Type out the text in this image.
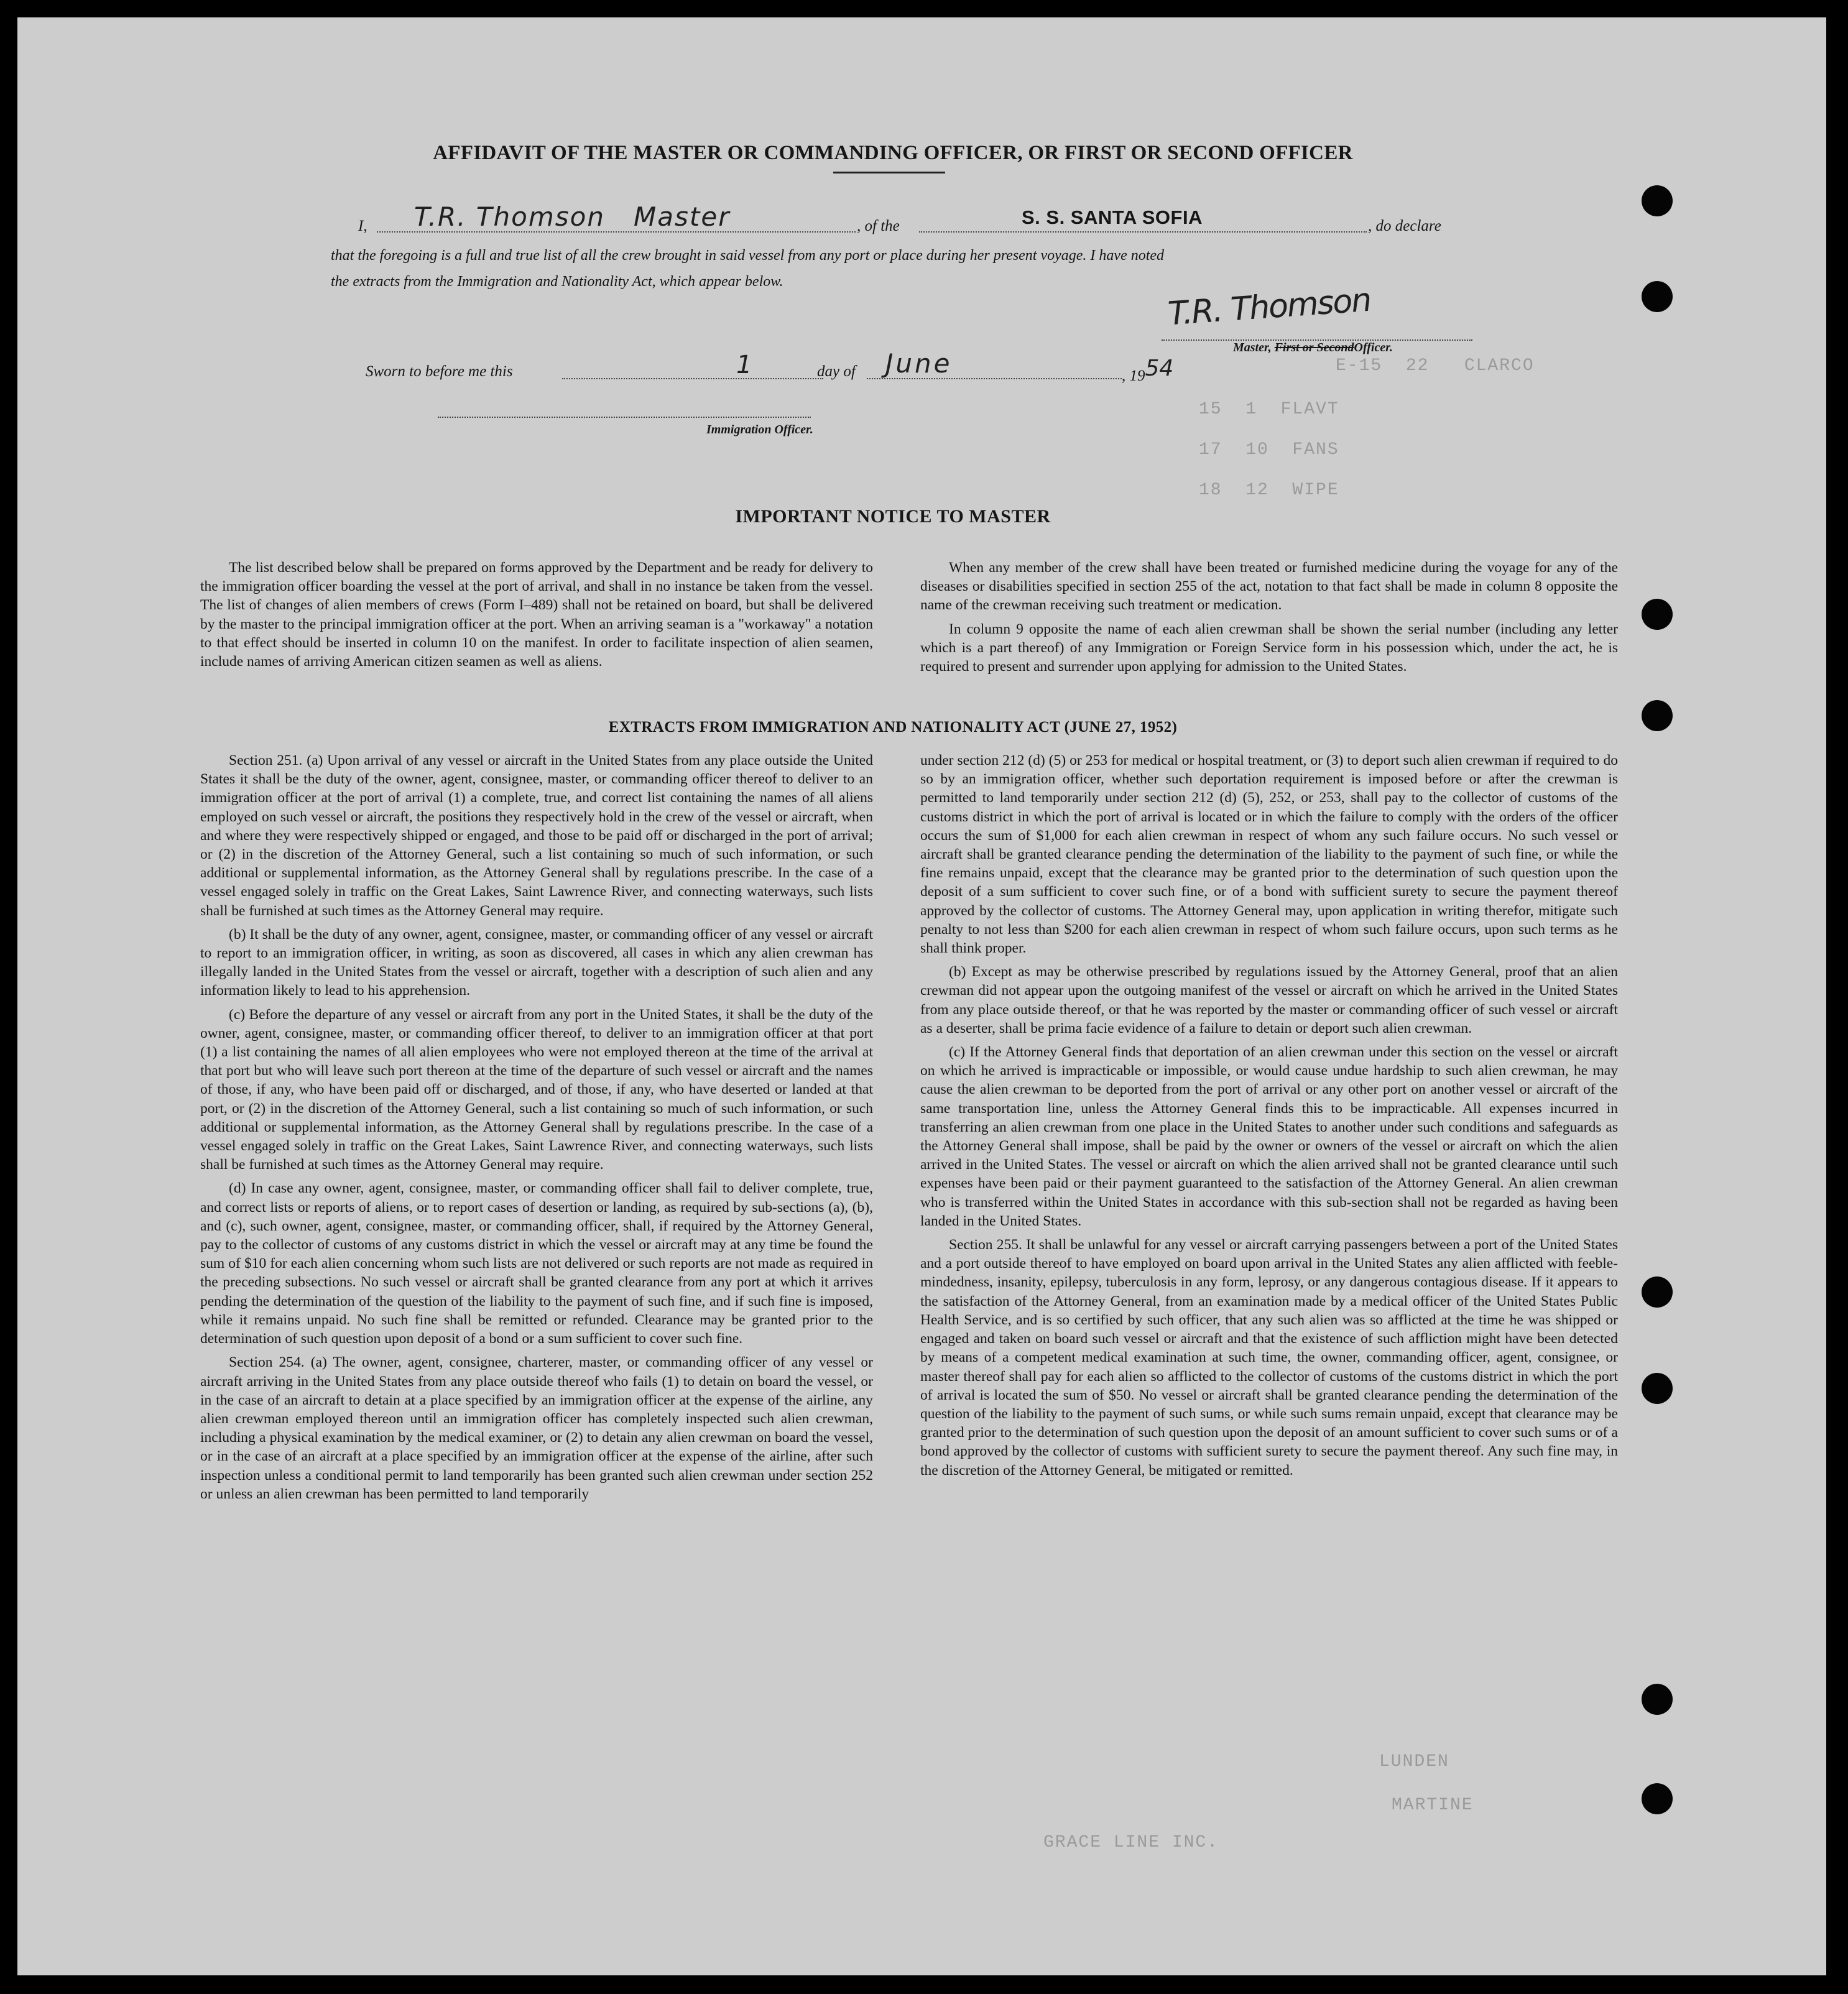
E-15  22   CLARCO
15  1  FLAVT
17  10  FANS
18  12  WIPE
LUNDEN
MARTINE
GRACE LINE INC.
AFFIDAVIT OF THE MASTER OR COMMANDING OFFICER, OR FIRST OR SECOND OFFICER
I, T.R. Thomson   Master	, of the	S. S. SANTA SOFIA	, do declare
that the foregoing is a full and true list of all the crew brought in said vessel from any port or place during her present voyage. I have noted
the extracts from the Immigration and Nationality Act, which appear below.	T.R. Thomson
Master, First or SecondOfficer.
Sworn to before me this	1	day of June	, 1954
Immigration Officer.
IMPORTANT NOTICE TO MASTER

The list described below shall be prepared on forms approved by the Department and be ready for delivery to the immigration officer boarding the vessel at the port of arrival, and shall in no instance be taken from the vessel. The list of changes of alien members of crews (Form I–489) shall not be retained on board, but shall be delivered by the master to the principal immigration officer at the port. When an arriving seaman is a "workaway" a notation to that effect should be inserted in column 10 on the manifest. In order to facilitate inspection of alien seamen, include names of arriving American citizen seamen as well as aliens.

When any member of the crew shall have been treated or furnished medicine during the voyage for any of the diseases or disabilities specified in section 255 of the act, notation to that fact shall be made in column 8 opposite the name of the crewman receiving such treatment or medication.

In column 9 opposite the name of each alien crewman shall be shown the serial number (including any letter which is a part thereof) of any Immigration or Foreign Service form in his possession which, under the act, he is required to present and surrender upon applying for admission to the United States.

EXTRACTS FROM IMMIGRATION AND NATIONALITY ACT (JUNE 27, 1952)

Section 251. (a) Upon arrival of any vessel or aircraft in the United States from any place outside the United States it shall be the duty of the owner, agent, consignee, master, or commanding officer thereof to deliver to an immigration officer at the port of arrival (1) a complete, true, and correct list containing the names of all aliens employed on such vessel or aircraft, the positions they respectively hold in the crew of the vessel or aircraft, when and where they were respectively shipped or engaged, and those to be paid off or discharged in the port of arrival; or (2) in the discretion of the Attorney General, such a list containing so much of such information, or such additional or supplemental information, as the Attorney General shall by regulations prescribe. In the case of a vessel engaged solely in traffic on the Great Lakes, Saint Lawrence River, and connecting waterways, such lists shall be furnished at such times as the Attorney General may require.

(b) It shall be the duty of any owner, agent, consignee, master, or commanding officer of any vessel or aircraft to report to an immigration officer, in writing, as soon as discovered, all cases in which any alien crewman has illegally landed in the United States from the vessel or aircraft, together with a description of such alien and any information likely to lead to his apprehension.

(c) Before the departure of any vessel or aircraft from any port in the United States, it shall be the duty of the owner, agent, consignee, master, or commanding officer thereof, to deliver to an immigration officer at that port (1) a list containing the names of all alien employees who were not employed thereon at the time of the arrival at that port but who will leave such port thereon at the time of the departure of such vessel or aircraft and the names of those, if any, who have been paid off or discharged, and of those, if any, who have deserted or landed at that port, or (2) in the discretion of the Attorney General, such a list containing so much of such information, or such additional or supplemental information, as the Attorney General shall by regulations prescribe. In the case of a vessel engaged solely in traffic on the Great Lakes, Saint Lawrence River, and connecting waterways, such lists shall be furnished at such times as the Attorney General may require.

(d) In case any owner, agent, consignee, master, or commanding officer shall fail to deliver complete, true, and correct lists or reports of aliens, or to report cases of desertion or landing, as required by sub-sections (a), (b), and (c), such owner, agent, consignee, master, or commanding officer, shall, if required by the Attorney General, pay to the collector of customs of any customs district in which the vessel or aircraft may at any time be found the sum of $10 for each alien concerning whom such lists are not delivered or such reports are not made as required in the preceding subsections. No such vessel or aircraft shall be granted clearance from any port at which it arrives pending the determination of the question of the liability to the payment of such fine, and if such fine is imposed, while it remains unpaid. No such fine shall be remitted or refunded. Clearance may be granted prior to the determination of such question upon deposit of a bond or a sum sufficient to cover such fine.

Section 254. (a) The owner, agent, consignee, charterer, master, or commanding officer of any vessel or aircraft arriving in the United States from any place outside thereof who fails (1) to detain on board the vessel, or in the case of an aircraft to detain at a place specified by an immigration officer at the expense of the airline, any alien crewman employed thereon until an immigration officer has completely inspected such alien crewman, including a physical examination by the medical examiner, or (2) to detain any alien crewman on board the vessel, or in the case of an aircraft at a place specified by an immigration officer at the expense of the airline, after such inspection unless a conditional permit to land temporarily has been granted such alien crewman under section 252 or unless an alien crewman has been permitted to land temporarily

under section 212 (d) (5) or 253 for medical or hospital treatment, or (3) to deport such alien crewman if required to do so by an immigration officer, whether such deportation requirement is imposed before or after the crewman is permitted to land temporarily under section 212 (d) (5), 252, or 253, shall pay to the collector of customs of the customs district in which the port of arrival is located or in which the failure to comply with the orders of the officer occurs the sum of $1,000 for each alien crewman in respect of whom any such failure occurs. No such vessel or aircraft shall be granted clearance pending the determination of the liability to the payment of such fine, or while the fine remains unpaid, except that the clearance may be granted prior to the determination of such question upon the deposit of a sum sufficient to cover such fine, or of a bond with sufficient surety to secure the payment thereof approved by the collector of customs. The Attorney General may, upon application in writing therefor, mitigate such penalty to not less than $200 for each alien crewman in respect of whom such failure occurs, upon such terms as he shall think proper.

(b) Except as may be otherwise prescribed by regulations issued by the Attorney General, proof that an alien crewman did not appear upon the outgoing manifest of the vessel or aircraft on which he arrived in the United States from any place outside thereof, or that he was reported by the master or commanding officer of such vessel or aircraft as a deserter, shall be prima facie evidence of a failure to detain or deport such alien crewman.

(c) If the Attorney General finds that deportation of an alien crewman under this section on the vessel or aircraft on which he arrived is impracticable or impossible, or would cause undue hardship to such alien crewman, he may cause the alien crewman to be deported from the port of arrival or any other port on another vessel or aircraft of the same transportation line, unless the Attorney General finds this to be impracticable. All expenses incurred in transferring an alien crewman from one place in the United States to another under such conditions and safeguards as the Attorney General shall impose, shall be paid by the owner or owners of the vessel or aircraft on which the alien arrived in the United States. The vessel or aircraft on which the alien arrived shall not be granted clearance until such expenses have been paid or their payment guaranteed to the satisfaction of the Attorney General. An alien crewman who is transferred within the United States in accordance with this sub-section shall not be regarded as having been landed in the United States.

Section 255. It shall be unlawful for any vessel or aircraft carrying passengers between a port of the United States and a port outside thereof to have employed on board upon arrival in the United States any alien afflicted with feeble-mindedness, insanity, epilepsy, tuberculosis in any form, leprosy, or any dangerous contagious disease. If it appears to the satisfaction of the Attorney General, from an examination made by a medical officer of the United States Public Health Service, and is so certified by such officer, that any such alien was so afflicted at the time he was shipped or engaged and taken on board such vessel or aircraft and that the existence of such affliction might have been detected by means of a competent medical examination at such time, the owner, commanding officer, agent, consignee, or master thereof shall pay for each alien so afflicted to the collector of customs of the customs district in which the port of arrival is located the sum of $50. No vessel or aircraft shall be granted clearance pending the determination of the question of the liability to the payment of such sums, or while such sums remain unpaid, except that clearance may be granted prior to the determination of such question upon the deposit of an amount sufficient to cover such sums or of a bond approved by the collector of customs with sufficient surety to secure the payment thereof. Any such fine may, in the discretion of the Attorney General, be mitigated or remitted.
